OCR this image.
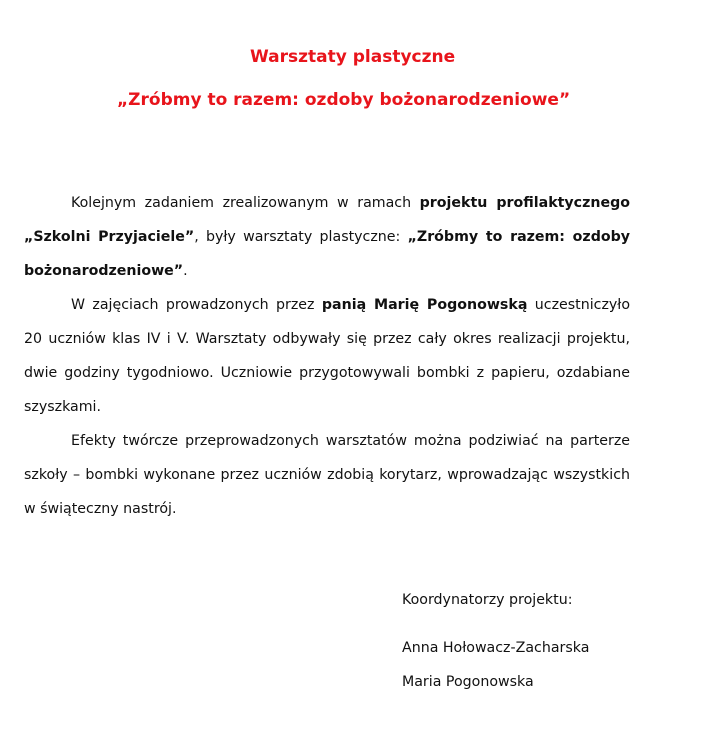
Warsztaty plastyczne
„Zróbmy to razem: ozdoby bożonarodzeniowe”

Kolejnym zadaniem zrealizowanym w ramach projektu profilaktycznego „Szkolni Przyjaciele”, były warsztaty plastyczne: „Zróbmy to razem: ozdoby bożonarodzeniowe”.

W zajęciach prowadzonych przez panią Marię Pogonowską uczestniczyło 20 uczniów klas IV i V. Warsztaty odbywały się przez cały okres realizacji projektu, dwie godziny tygodniowo. Uczniowie przygotowywali bombki z papieru, ozdabiane szyszkami.

Efekty twórcze przeprowadzonych warsztatów można podziwiać na parterze szkoły – bombki wykonane przez uczniów zdobią korytarz, wprowadzając wszystkich w świąteczny nastrój.

Koordynatorzy projektu:
Anna Hołowacz-Zacharska
Maria Pogonowska
